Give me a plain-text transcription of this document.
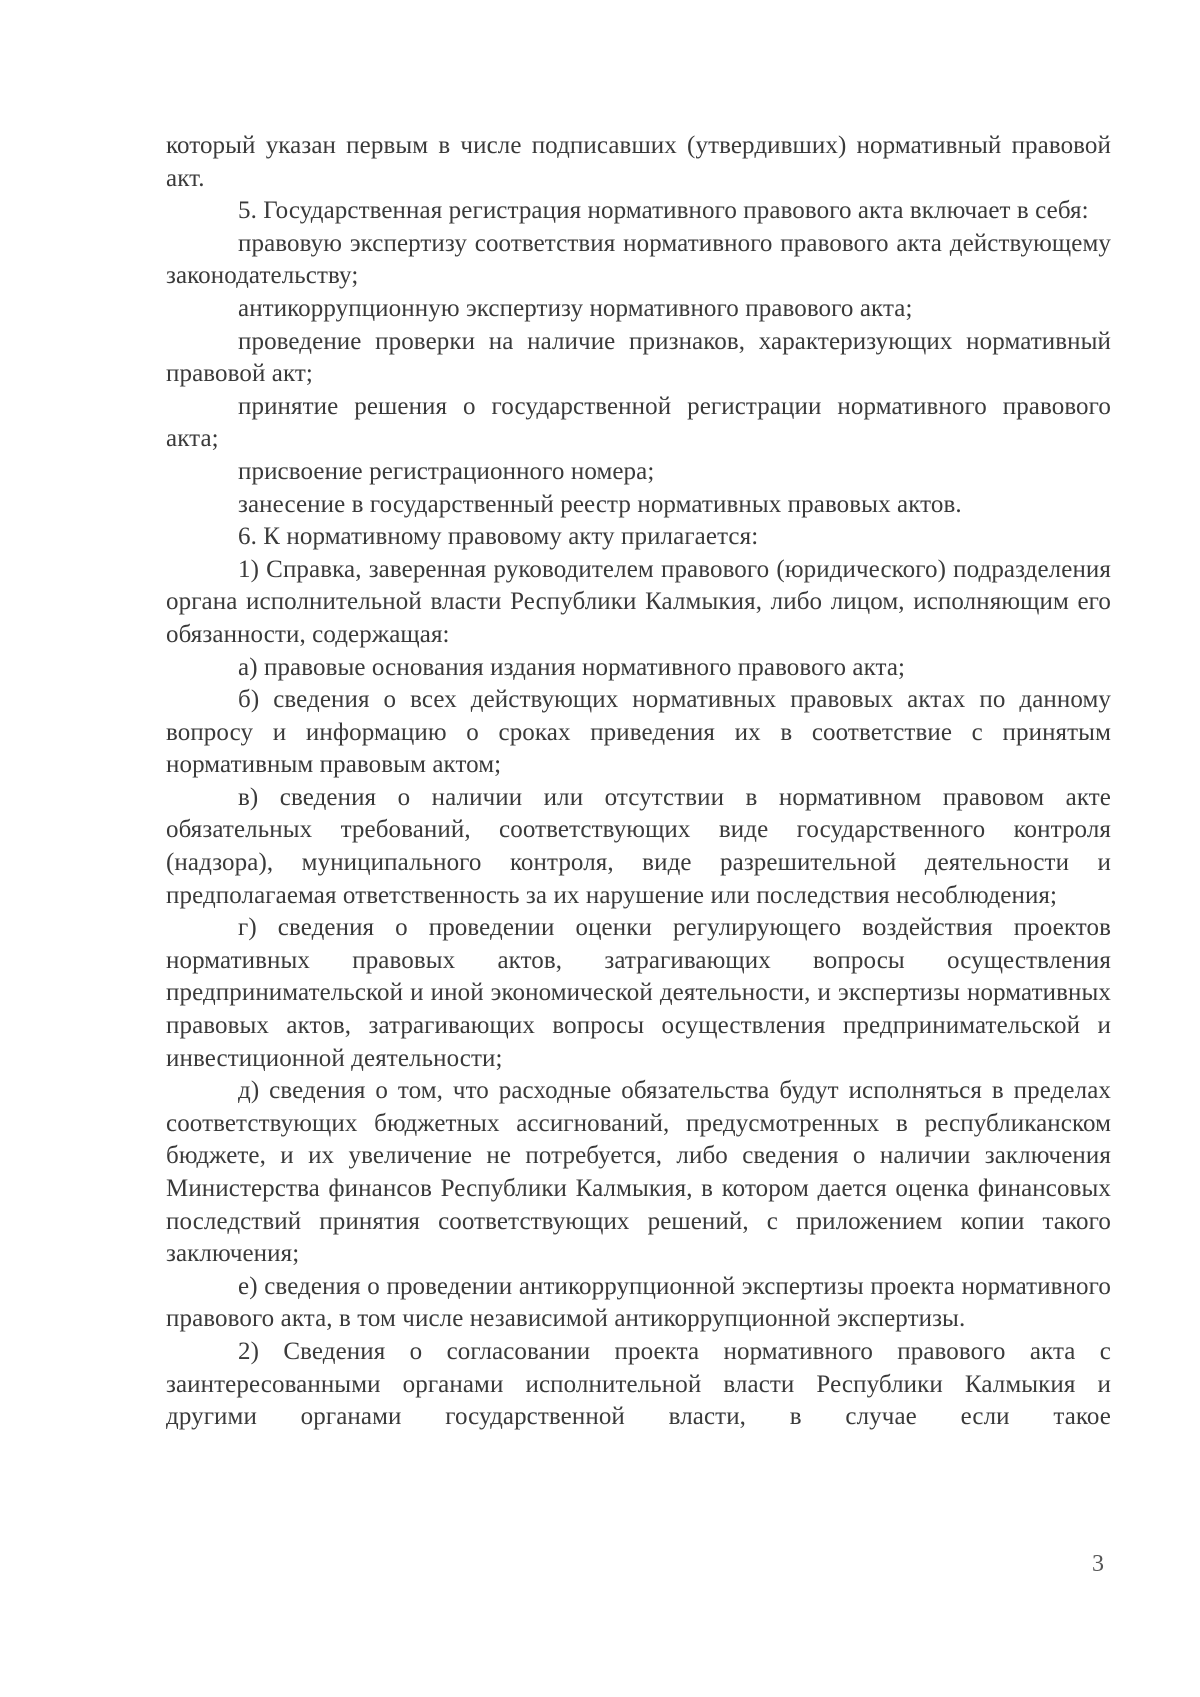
который указан первым в числе подписавших (утвердивших) нормативный правовой акт.

5. Государственная регистрация нормативного правового акта включает в себя:

правовую экспертизу соответствия нормативного правового акта действующему законодательству;

антикоррупционную экспертизу нормативного правового акта;

проведение проверки на наличие признаков, характеризующих нормативный правовой акт;

принятие решения о государственной регистрации нормативного правового акта;

присвоение регистрационного номера;

занесение в государственный реестр нормативных правовых актов.

6. К нормативному правовому акту прилагается:

1) Справка, заверенная руководителем правового (юридического) подразделения органа исполнительной власти Республики Калмыкия, либо лицом, исполняющим его обязанности, содержащая:

а) правовые основания издания нормативного правового акта;

б) сведения о всех действующих нормативных правовых актах по данному вопросу и информацию о сроках приведения их в соответствие с принятым нормативным правовым актом;

в) сведения о наличии или отсутствии в нормативном правовом акте обязательных требований, соответствующих виде государственного контроля (надзора), муниципального контроля, виде разрешительной деятельности и предполагаемая ответственность за их нарушение или последствия несоблюдения;

г) сведения о проведении оценки регулирующего воздействия проектов нормативных правовых актов, затрагивающих вопросы осуществления предпринимательской и иной экономической деятельности, и экспертизы нормативных правовых актов, затрагивающих вопросы осуществления предпринимательской и инвестиционной деятельности;

д) сведения о том, что расходные обязательства будут исполняться в пределах соответствующих бюджетных ассигнований, предусмотренных в республиканском бюджете, и их увеличение не потребуется, либо сведения о наличии заключения Министерства финансов Республики Калмыкия, в котором дается оценка финансовых последствий принятия соответствующих решений, с приложением копии такого заключения;

е) сведения о проведении антикоррупционной экспертизы проекта нормативного правового акта, в том числе независимой антикоррупционной экспертизы.

2) Сведения о согласовании проекта нормативного правового акта с заинтересованными органами исполнительной власти Республики Калмыкия и другими органами государственной власти, в случае если такое

3
